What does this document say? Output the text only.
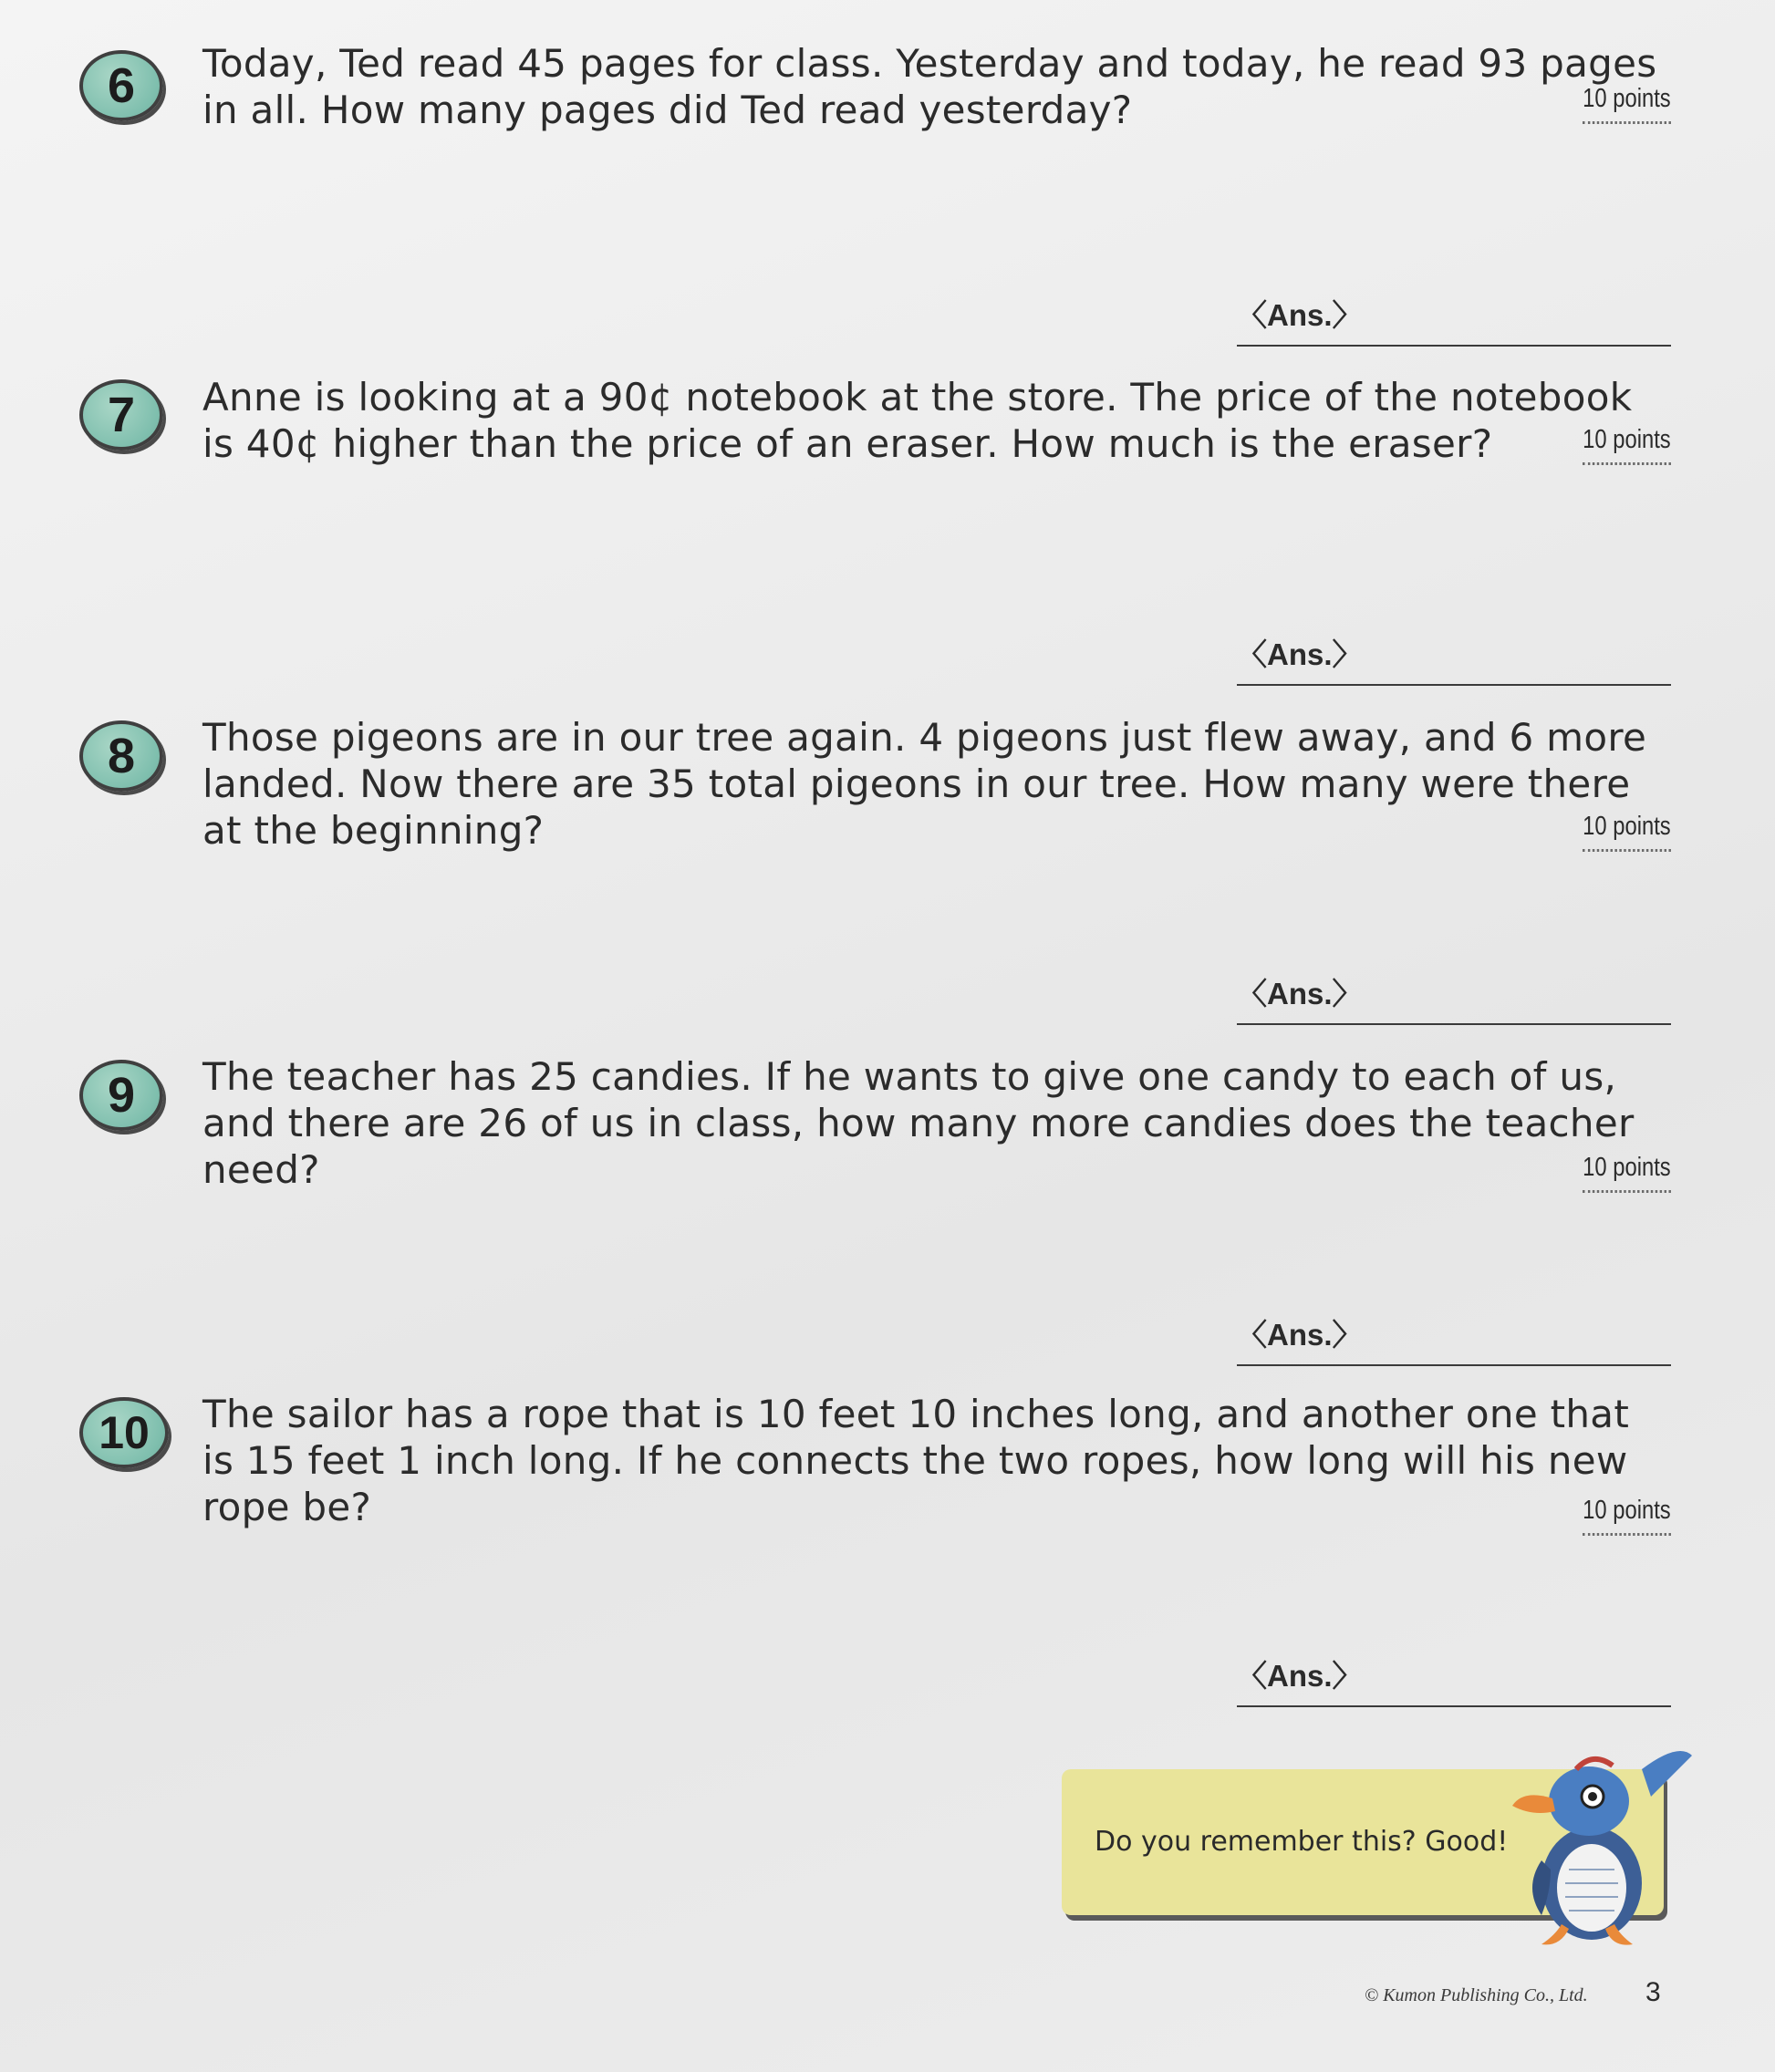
6	Today, Ted read 45 pages for class. Yesterday and today, he read 93 pages in all. How many pages did Ted read yesterday?	10 points
〈Ans.〉
7	Anne is looking at a 90¢ notebook at the store. The price of the notebook is 40¢ higher than the price of an eraser. How much is the eraser?	10 points
〈Ans.〉
8	Those pigeons are in our tree again. 4 pigeons just flew away, and 6 more landed. Now there are 35 total pigeons in our tree. How many were there at the beginning?	10 points
〈Ans.〉
9	The teacher has 25 candies. If he wants to give one candy to each of us, and there are 26 of us in class, how many more candies does the teacher need?	10 points
〈Ans.〉
10	The sailor has a rope that is 10 feet 10 inches long, and another one that is 15 feet 1 inch long. If he connects the two ropes, how long will his new rope be?	10 points
〈Ans.〉
Do you remember this? Good!
© Kumon Publishing Co., Ltd. 3
